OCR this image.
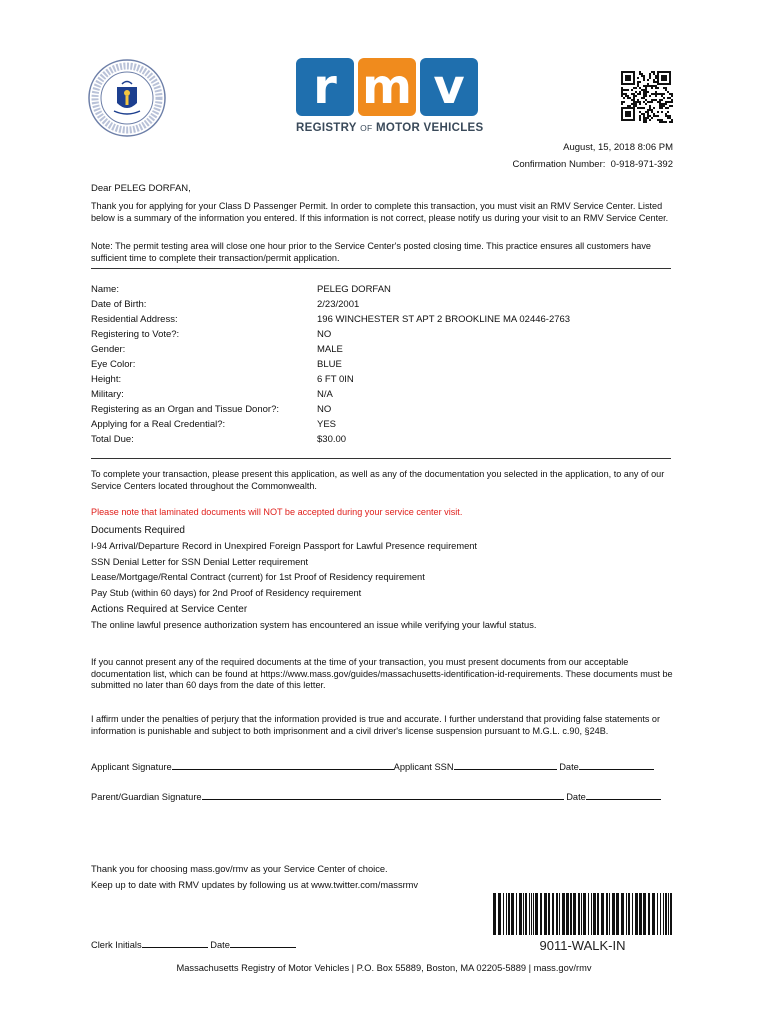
r m v
REGISTRY OF MOTOR VEHICLES
August, 15, 2018 8:06 PM
Confirmation Number: 0-918-971-392
Dear PELEG DORFAN,
Thank you for applying for your Class D Passenger Permit. In order to complete this transaction, you must visit an RMV Service Center. Listed below is a summary of the information you entered. If this information is not correct, please notify us during your visit to an RMV Service Center.
Note: The permit testing area will close one hour prior to the Service Center's posted closing time. This practice ensures all customers have sufficient time to complete their transaction/permit application.
Name:	PELEG DORFAN
Date of Birth:	2/23/2001
Residential Address:	196 WINCHESTER ST APT 2 BROOKLINE MA 02446-2763
Registering to Vote?:	NO
Gender:	MALE
Eye Color:	BLUE
Height:	6 FT 0IN
Military:	N/A
Registering as an Organ and Tissue Donor?:	NO
Applying for a Real Credential?:	YES
Total Due:	$30.00
To complete your transaction, please present this application, as well as any of the documentation you selected in the application, to any of our Service Centers located throughout the Commonwealth.
Please note that laminated documents will NOT be accepted during your service center visit.
Documents Required
I-94 Arrival/Departure Record in Unexpired Foreign Passport for Lawful Presence requirement
SSN Denial Letter for SSN Denial Letter requirement
Lease/Mortgage/Rental Contract (current) for 1st Proof of Residency requirement
Pay Stub (within 60 days) for 2nd Proof of Residency requirement
Actions Required at Service Center
The online lawful presence authorization system has encountered an issue while verifying your lawful status.
If you cannot present any of the required documents at the time of your transaction, you must present documents from our acceptable documentation list, which can be found at https://www.mass.gov/guides/massachusetts-identification-id-requirements. These documents must be submitted no later than 60 days from the date of this letter.
I affirm under the penalties of perjury that the information provided is true and accurate. I further understand that providing false statements or information is punishable and subject to both imprisonment and a civil driver's license suspension pursuant to M.G.L. c.90, §24B.
Applicant Signature	Applicant SSN	Date
Parent/Guardian Signature	Date
Thank you for choosing mass.gov/rmv as your Service Center of choice.
Keep up to date with RMV updates by following us at www.twitter.com/massrmv
Clerk Initials	Date	9011-WALK-IN
Massachusetts Registry of Motor Vehicles | P.O. Box 55889, Boston, MA 02205-5889 | mass.gov/rmv
